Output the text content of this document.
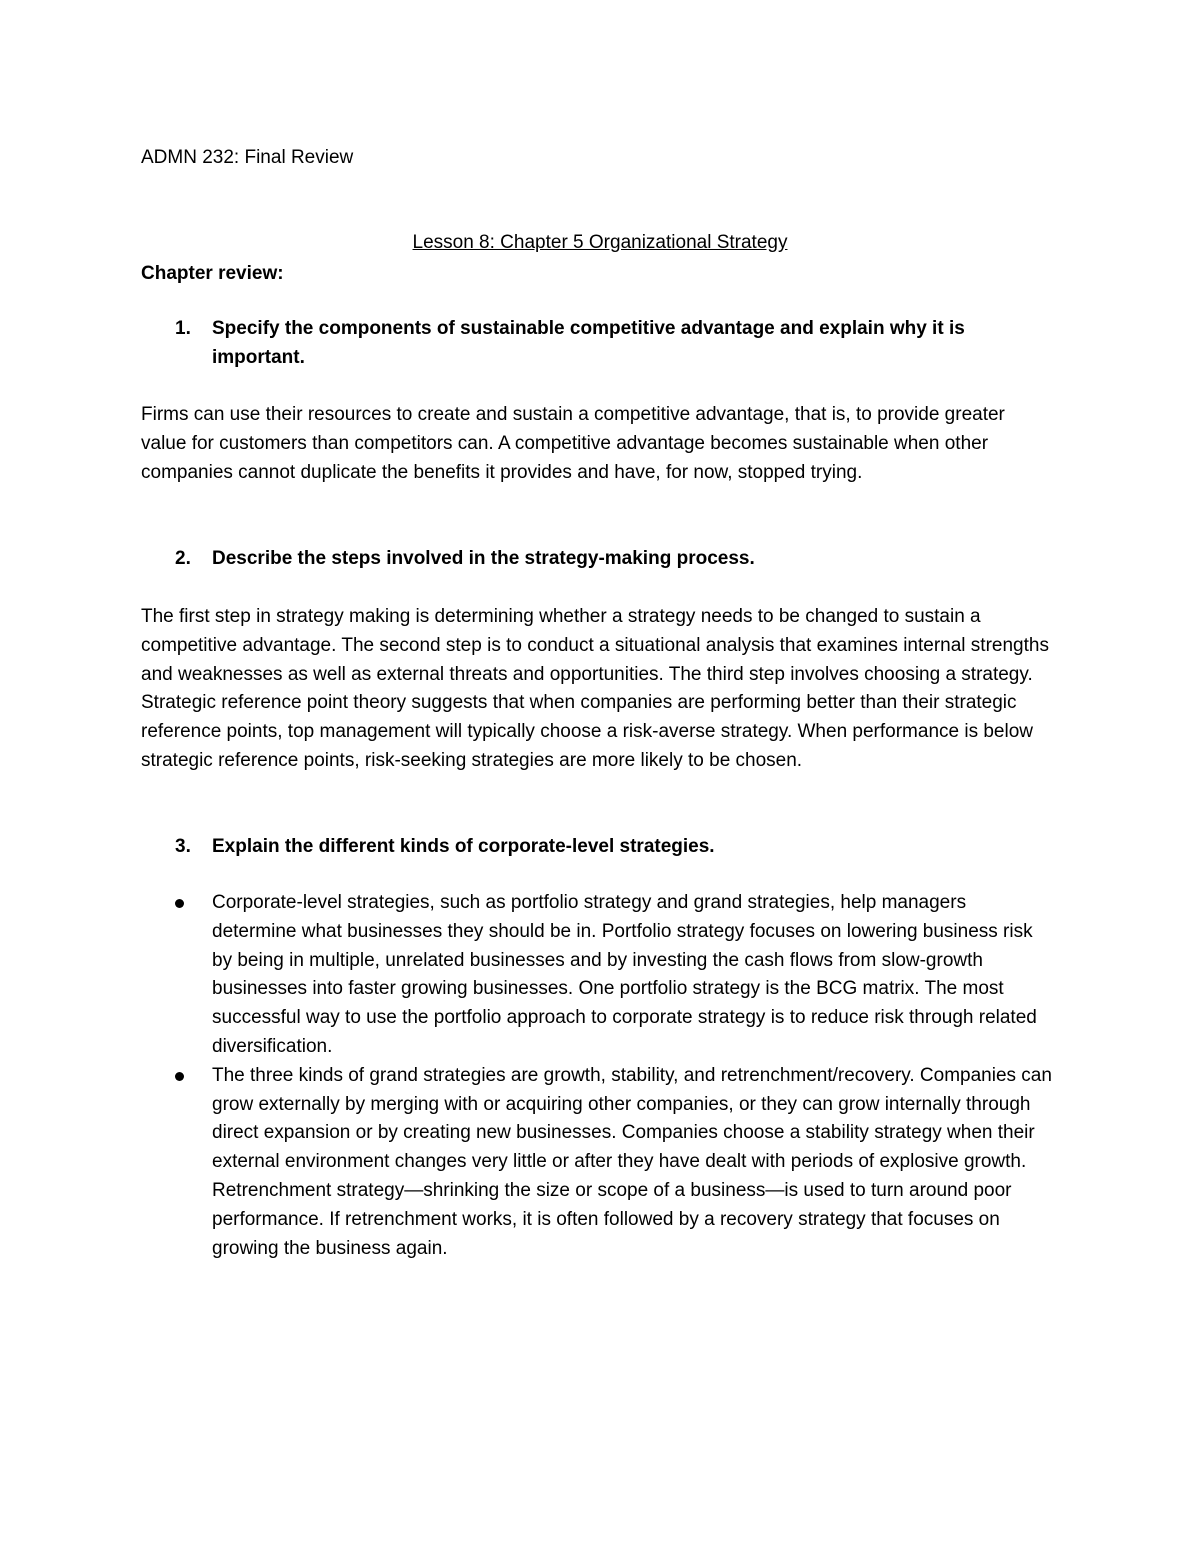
ADMN 232: Final Review
Lesson 8: Chapter 5 Organizational Strategy
Chapter review:
1. Specify the components of sustainable competitive advantage and explain why it is important.
Firms can use their resources to create and sustain a competitive advantage, that is, to provide greater value for customers than competitors can. A competitive advantage becomes sustainable when other companies cannot duplicate the benefits it provides and have, for now, stopped trying.
2. Describe the steps involved in the strategy-making process.
The first step in strategy making is determining whether a strategy needs to be changed to sustain a competitive advantage. The second step is to conduct a situational analysis that examines internal strengths and weaknesses as well as external threats and opportunities. The third step involves choosing a strategy. Strategic reference point theory suggests that when companies are performing better than their strategic reference points, top management will typically choose a risk-averse strategy. When performance is below strategic reference points, risk-seeking strategies are more likely to be chosen.
3. Explain the different kinds of corporate-level strategies.
Corporate-level strategies, such as portfolio strategy and grand strategies, help managers determine what businesses they should be in. Portfolio strategy focuses on lowering business risk by being in multiple, unrelated businesses and by investing the cash flows from slow-growth businesses into faster growing businesses. One portfolio strategy is the BCG matrix. The most successful way to use the portfolio approach to corporate strategy is to reduce risk through related diversification.
The three kinds of grand strategies are growth, stability, and retrenchment/recovery. Companies can grow externally by merging with or acquiring other companies, or they can grow internally through direct expansion or by creating new businesses. Companies choose a stability strategy when their external environment changes very little or after they have dealt with periods of explosive growth. Retrenchment strategy—shrinking the size or scope of a business—is used to turn around poor performance. If retrenchment works, it is often followed by a recovery strategy that focuses on growing the business again.
